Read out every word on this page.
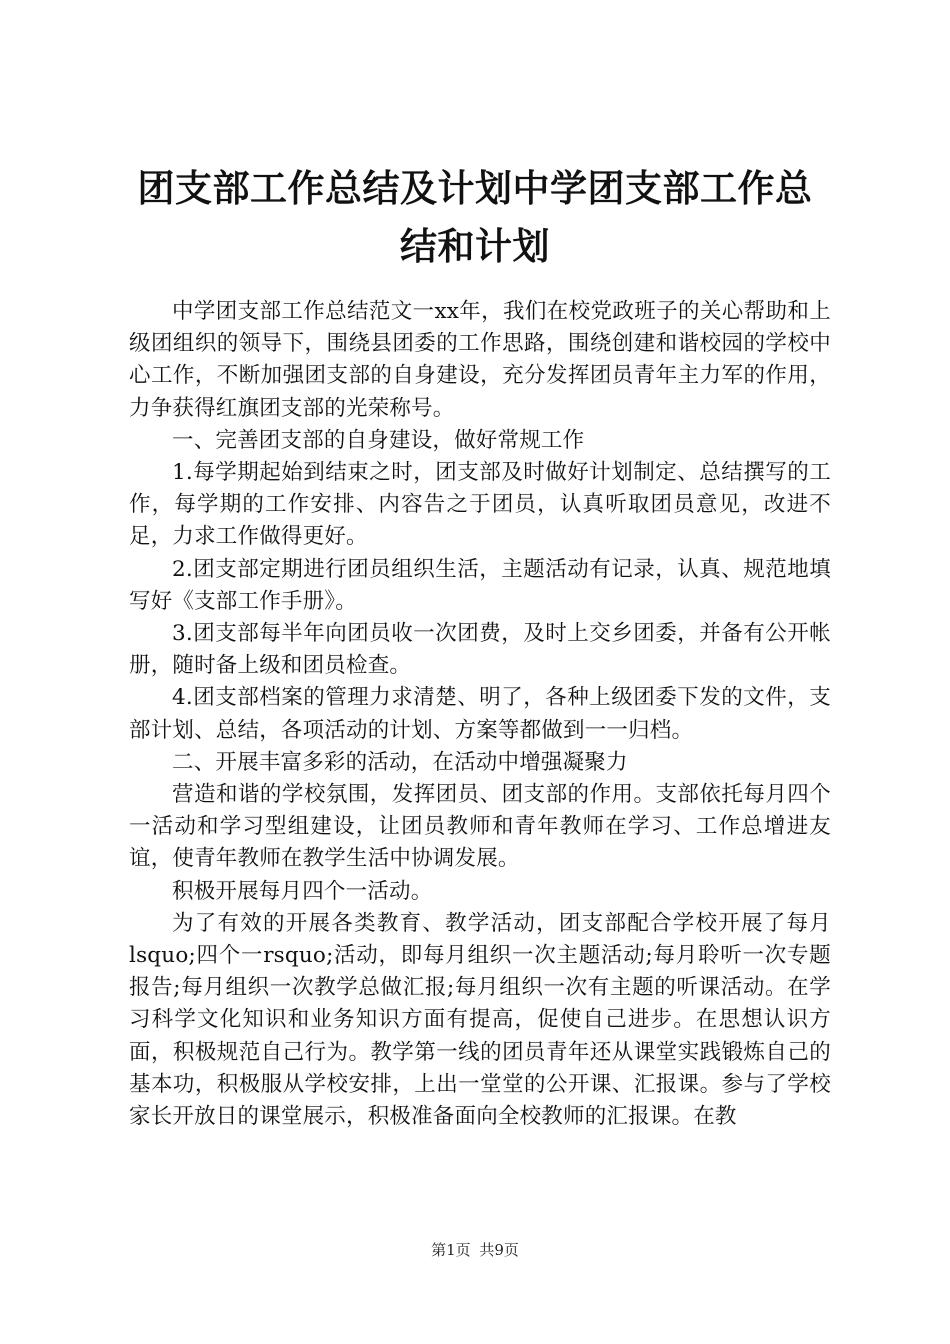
团支部工作总结及计划中学团支部工作总结和计划

中学团支部工作总结范文一xx年，我们在校党政班子的关心帮助和上级团组织的领导下，围绕县团委的工作思路，围绕创建和谐校园的学校中心工作，不断加强团支部的自身建设，充分发挥团员青年主力军的作用，力争获得红旗团支部的光荣称号。

一、完善团支部的自身建设，做好常规工作

1.每学期起始到结束之时，团支部及时做好计划制定、总结撰写的工作，每学期的工作安排、内容告之于团员，认真听取团员意见，改进不足，力求工作做得更好。

2.团支部定期进行团员组织生活，主题活动有记录，认真、规范地填写好《支部工作手册》。

3.团支部每半年向团员收一次团费，及时上交乡团委，并备有公开帐册，随时备上级和团员检查。

4.团支部档案的管理力求清楚、明了，各种上级团委下发的文件，支部计划、总结，各项活动的计划、方案等都做到一一归档。

二、开展丰富多彩的活动，在活动中增强凝聚力

营造和谐的学校氛围，发挥团员、团支部的作用。支部依托每月四个一活动和学习型组建设，让团员教师和青年教师在学习、工作总增进友谊，使青年教师在教学生活中协调发展。

积极开展每月四个一活动。

为了有效的开展各类教育、教学活动，团支部配合学校开展了每月lsquo;四个一rsquo;活动，即每月组织一次主题活动;每月聆听一次专题报告;每月组织一次教学总做汇报;每月组织一次有主题的听课活动。在学习科学文化知识和业务知识方面有提高，促使自己进步。在思想认识方面，积极规范自己行为。教学第一线的团员青年还从课堂实践锻炼自己的基本功，积极服从学校安排，上出一堂堂的公开课、汇报课。参与了学校家长开放日的课堂展示，积极准备面向全校教师的汇报课。在教

第1页 共9页
